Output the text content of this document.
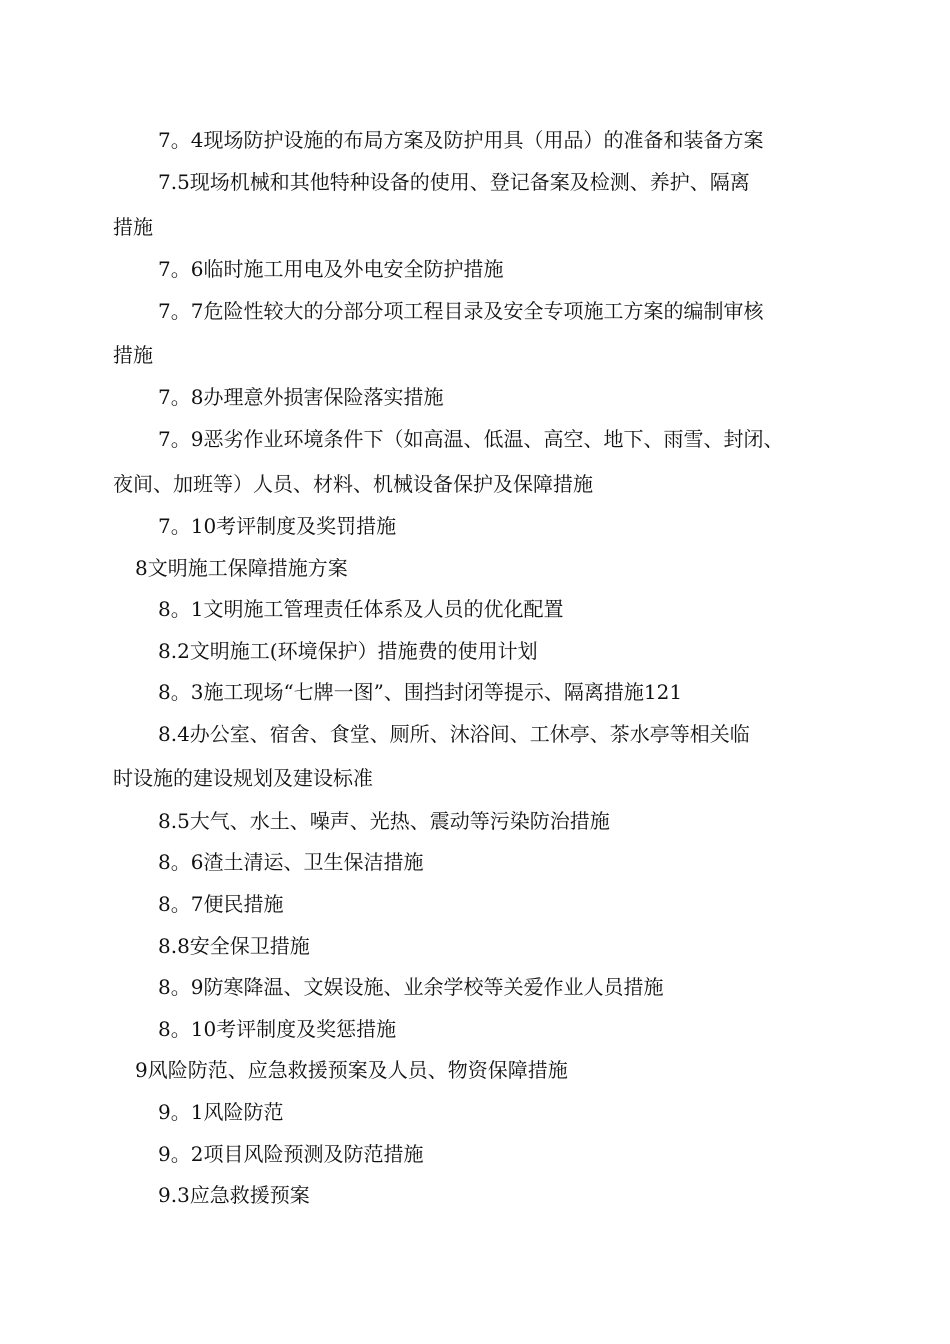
7。4现场防护设施的布局方案及防护用具（用品）的准备和装备方案
7.5现场机械和其他特种设备的使用、登记备案及检测、养护、隔离
措施
7。6临时施工用电及外电安全防护措施
7。7危险性较大的分部分项工程目录及安全专项施工方案的编制审核
措施
7。8办理意外损害保险落实措施
7。9恶劣作业环境条件下（如高温、低温、高空、地下、雨雪、封闭、
夜间、加班等）人员、材料、机械设备保护及保障措施
7。10考评制度及奖罚措施
8文明施工保障措施方案
8。1文明施工管理责任体系及人员的优化配置
8.2文明施工(环境保护）措施费的使用计划
8。3施工现场“七牌一图”、围挡封闭等提示、隔离措施121
8.4办公室、宿舍、食堂、厕所、沐浴间、工休亭、茶水亭等相关临
时设施的建设规划及建设标准
8.5大气、水土、噪声、光热、震动等污染防治措施
8。6渣土清运、卫生保洁措施
8。7便民措施
8.8安全保卫措施
8。9防寒降温、文娱设施、业余学校等关爱作业人员措施
8。10考评制度及奖惩措施
9风险防范、应急救援预案及人员、物资保障措施
9。1风险防范
9。2项目风险预测及防范措施
9.3应急救援预案
